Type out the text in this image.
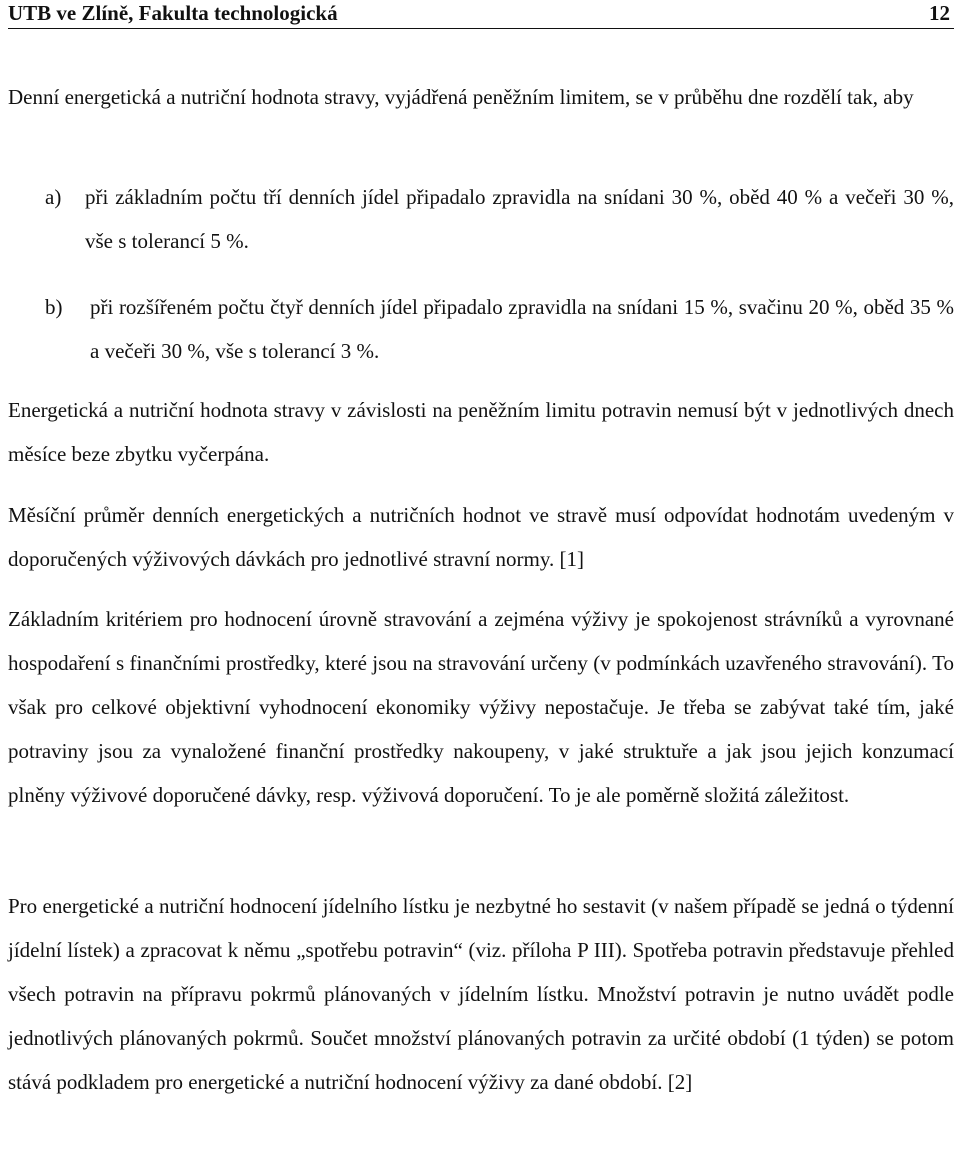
UTB ve Zlíně, Fakulta technologická	12

Denní energetická a nutriční hodnota stravy, vyjádřená peněžním limitem, se v průběhu dne rozdělí tak, aby

a) při základním počtu tří denních jídel připadalo zpravidla na snídani 30 %, oběd 40 % a večeři 30 %, vše s tolerancí 5 %.

b) při rozšířeném počtu čtyř denních jídel připadalo zpravidla na snídani 15 %, svačinu 20 %, oběd 35 % a večeři 30 %, vše s tolerancí 3 %.

Energetická a nutriční hodnota stravy v závislosti na peněžním limitu potravin nemusí být v jednotlivých dnech měsíce beze zbytku vyčerpána.

Měsíční průměr denních energetických a nutričních hodnot ve stravě musí odpovídat hodnotám uvedeným v doporučených výživových dávkách pro jednotlivé stravní normy. [1]

Základním kritériem pro hodnocení úrovně stravování a zejména výživy je spokojenost strávníků a vyrovnané hospodaření s finančními prostředky, které jsou na stravování určeny (v podmínkách uzavřeného stravování). To však pro celkové objektivní vyhodnocení ekonomiky výživy nepostačuje. Je třeba se zabývat také tím, jaké potraviny jsou za vynaložené finanční prostředky nakoupeny, v jaké struktuře a jak jsou jejich konzumací plněny výživové doporučené dávky, resp. výživová doporučení. To je ale poměrně složitá záležitost.

Pro energetické a nutriční hodnocení jídelního lístku je nezbytné ho sestavit (v našem případě se jedná o týdenní jídelní lístek) a zpracovat k němu „spotřebu potravin“ (viz. příloha P III). Spotřeba potravin představuje přehled všech potravin na přípravu pokrmů plánovaných v jídelním lístku. Množství potravin je nutno uvádět podle jednotlivých plánovaných pokrmů. Součet množství plánovaných potravin za určité období (1 týden) se potom stává podkladem pro energetické a nutriční hodnocení výživy za dané období. [2]
